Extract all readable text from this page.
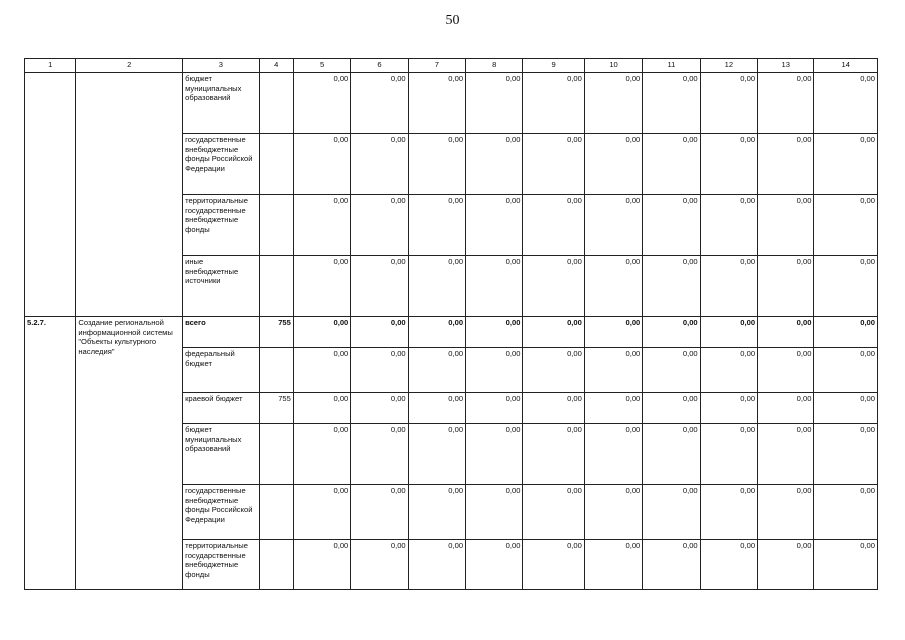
50
1	2	3	4	5	6	7	8	9	10	11	12	13	14
		бюджет муниципальных образований		0,00	0,00	0,00	0,00	0,00	0,00	0,00	0,00	0,00	0,00
		государственные внебюджетные фонды Российской Федерации		0,00	0,00	0,00	0,00	0,00	0,00	0,00	0,00	0,00	0,00
		территориальные государственные внебюджетные фонды		0,00	0,00	0,00	0,00	0,00	0,00	0,00	0,00	0,00	0,00
		иные внебюджетные источники		0,00	0,00	0,00	0,00	0,00	0,00	0,00	0,00	0,00	0,00
5.2.7.	Создание региональной информационной системы "Объекты культурного наследия"	всего	755	0,00	0,00	0,00	0,00	0,00	0,00	0,00	0,00	0,00	0,00
		федеральный бюджет		0,00	0,00	0,00	0,00	0,00	0,00	0,00	0,00	0,00	0,00
		краевой бюджет	755	0,00	0,00	0,00	0,00	0,00	0,00	0,00	0,00	0,00	0,00
		бюджет муниципальных образований		0,00	0,00	0,00	0,00	0,00	0,00	0,00	0,00	0,00	0,00
		государственные внебюджетные фонды Российской Федерации		0,00	0,00	0,00	0,00	0,00	0,00	0,00	0,00	0,00	0,00
		территориальные государственные внебюджетные фонды		0,00	0,00	0,00	0,00	0,00	0,00	0,00	0,00	0,00	0,00
